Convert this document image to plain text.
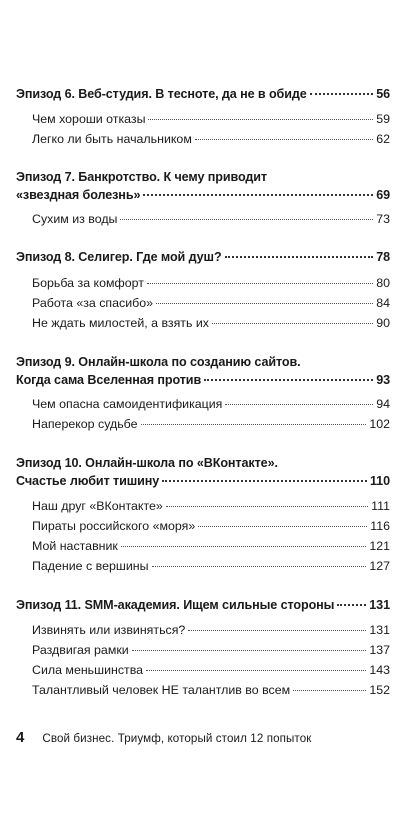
Эпизод 6. Веб-студия. В тесноте, да не в обиде	56
Чем хороши отказы	59
Легко ли быть начальником	62
Эпизод 7. Банкротство. К чему приводит
«звездная болезнь»	69
Сухим из воды	73
Эпизод 8. Селигер. Где мой душ?	78
Борьба за комфорт	80
Работа «за спасибо»	84
Не ждать милостей, а взять их	90
Эпизод 9. Онлайн-школа по созданию сайтов.
Когда сама Вселенная против	93
Чем опасна самоидентификация	94
Наперекор судьбе	102
Эпизод 10. Онлайн-школа по «ВКонтакте».
Счастье любит тишину	110
Наш друг «ВКонтакте»	111
Пираты российского «моря»	116
Мой наставник	121
Падение с вершины	127
Эпизод 11. SMM-академия. Ищем сильные стороны	131
Извинять или извиняться?	131
Раздвигая рамки	137
Сила меньшинства	143
Талантливый человек НЕ талантлив во всем	152
4 Свой бизнес. Триумф, который стоил 12 попыток
